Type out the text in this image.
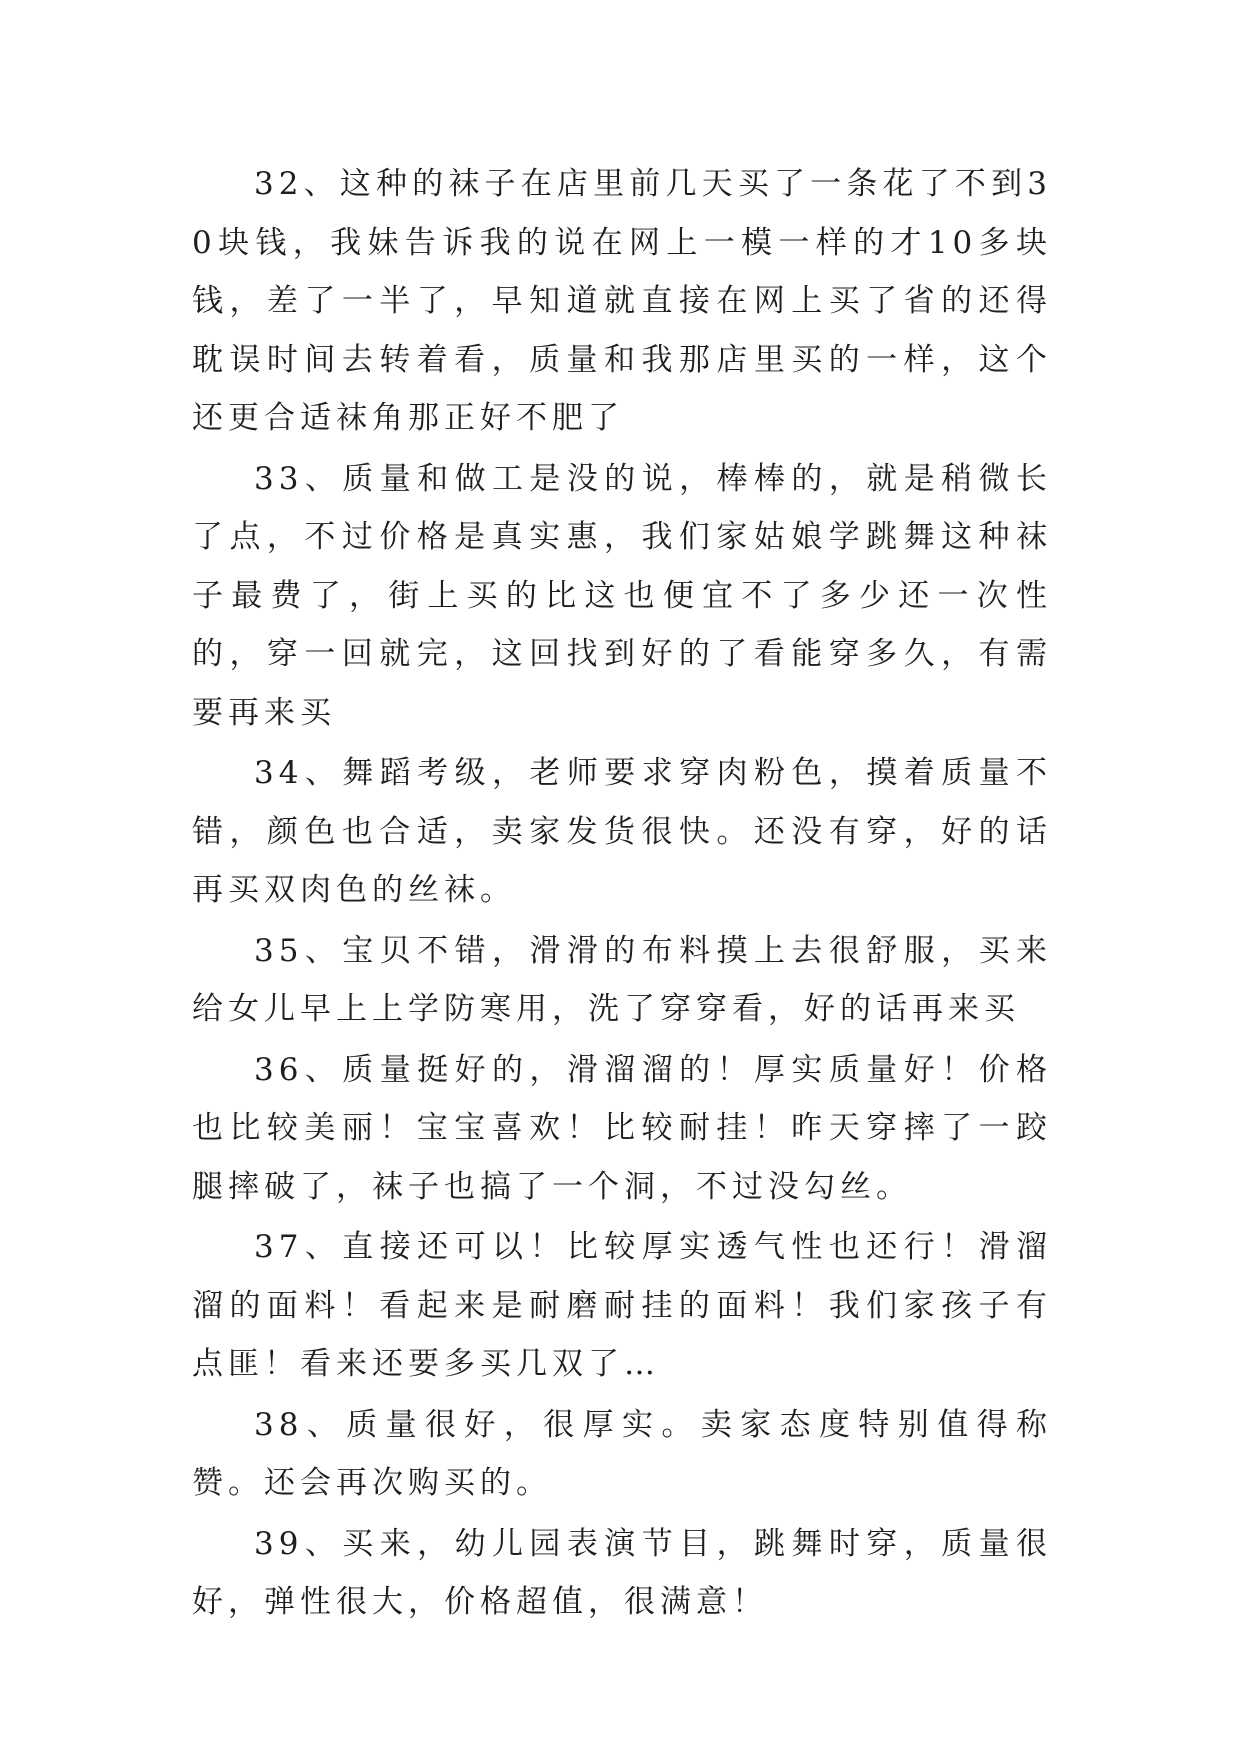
32、这种的袜子在店里前几天买了一条花了不到30块钱，我妹告诉我的说在网上一模一样的才10多块钱，差了一半了，早知道就直接在网上买了省的还得耽误时间去转着看，质量和我那店里买的一样，这个还更合适袜角那正好不肥了

33、质量和做工是没的说，棒棒的，就是稍微长了点，不过价格是真实惠，我们家姑娘学跳舞这种袜子最费了，街上买的比这也便宜不了多少还一次性的，穿一回就完，这回找到好的了看能穿多久，有需要再来买

34、舞蹈考级，老师要求穿肉粉色，摸着质量不错，颜色也合适，卖家发货很快。还没有穿，好的话再买双肉色的丝袜。

35、宝贝不错，滑滑的布料摸上去很舒服，买来给女儿早上上学防寒用，洗了穿穿看，好的话再来买

36、质量挺好的，滑溜溜的！厚实质量好！价格也比较美丽！宝宝喜欢！比较耐挂！昨天穿摔了一跤腿摔破了，袜子也搞了一个洞，不过没勾丝。

37、直接还可以！比较厚实透气性也还行！滑溜溜的面料！看起来是耐磨耐挂的面料！我们家孩子有点匪！看来还要多买几双了…

38、质量很好，很厚实。卖家态度特别值得称赞。还会再次购买的。

39、买来，幼儿园表演节目，跳舞时穿，质量很好，弹性很大，价格超值，很满意！
